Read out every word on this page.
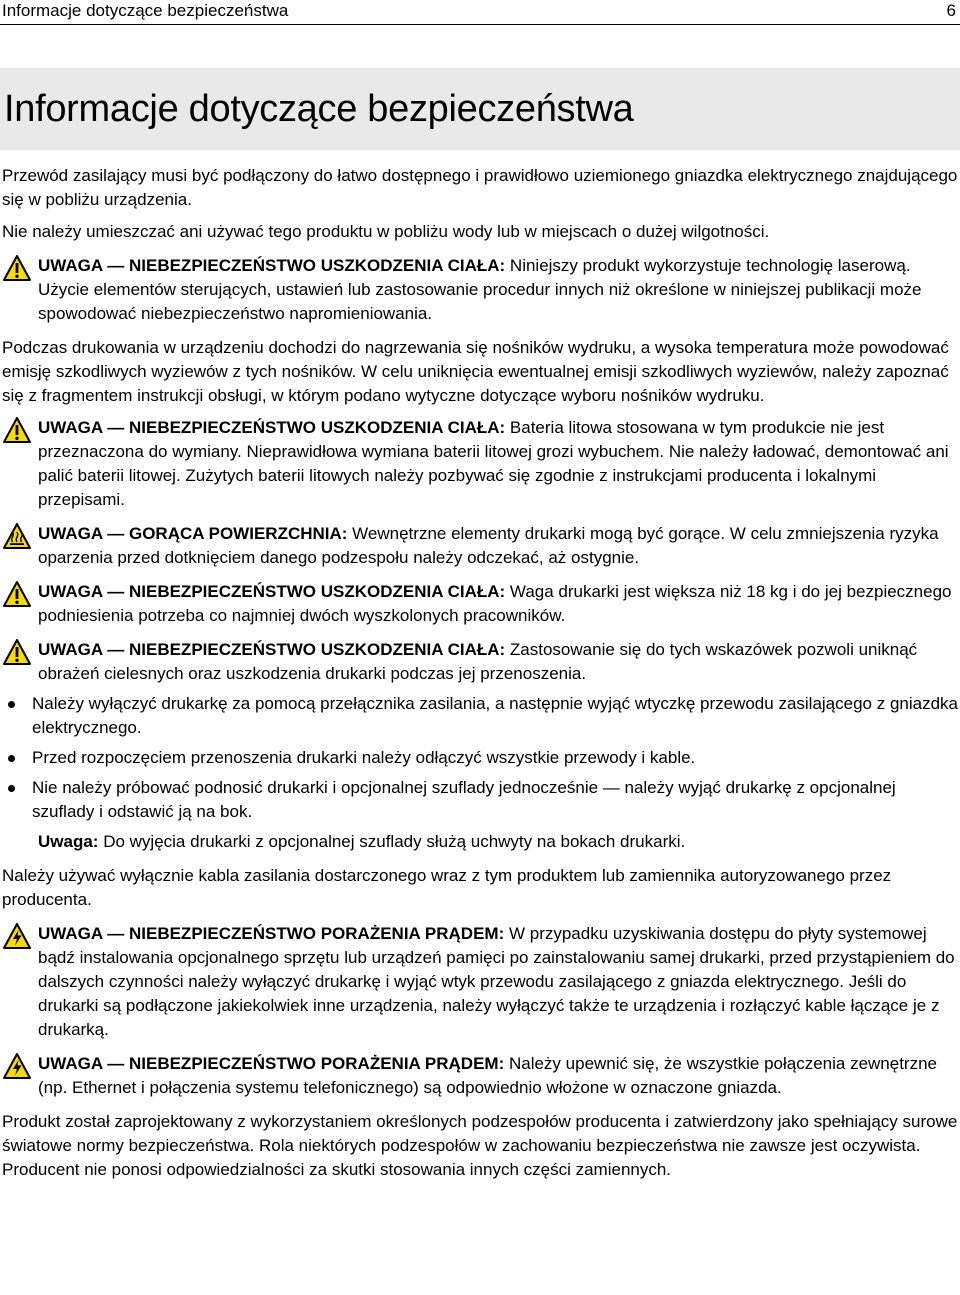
Informacje dotyczące bezpieczeństwa	6
Informacje dotyczące bezpieczeństwa

Przewód zasilający musi być podłączony do łatwo dostępnego i prawidłowo uziemionego gniazdka elektrycznego znajdującego się w pobliżu urządzenia.

Nie należy umieszczać ani używać tego produktu w pobliżu wody lub w miejscach o dużej wilgotności.

UWAGA — NIEBEZPIECZEŃSTWO USZKODZENIA CIAŁA: Niniejszy produkt wykorzystuje technologię laserową. Użycie elementów sterujących, ustawień lub zastosowanie procedur innych niż określone w niniejszej publikacji może spowodować niebezpieczeństwo napromieniowania.

Podczas drukowania w urządzeniu dochodzi do nagrzewania się nośników wydruku, a wysoka temperatura może powodować emisję szkodliwych wyziewów z tych nośników. W celu uniknięcia ewentualnej emisji szkodliwych wyziewów, należy zapoznać się z fragmentem instrukcji obsługi, w którym podano wytyczne dotyczące wyboru nośników wydruku.

UWAGA — NIEBEZPIECZEŃSTWO USZKODZENIA CIAŁA: Bateria litowa stosowana w tym produkcie nie jest przeznaczona do wymiany. Nieprawidłowa wymiana baterii litowej grozi wybuchem. Nie należy ładować, demontować ani palić baterii litowej. Zużytych baterii litowych należy pozbywać się zgodnie z instrukcjami producenta i lokalnymi przepisami.

UWAGA — GORĄCA POWIERZCHNIA: Wewnętrzne elementy drukarki mogą być gorące. W celu zmniejszenia ryzyka oparzenia przed dotknięciem danego podzespołu należy odczekać, aż ostygnie.

UWAGA — NIEBEZPIECZEŃSTWO USZKODZENIA CIAŁA: Waga drukarki jest większa niż 18 kg i do jej bezpiecznego podniesienia potrzeba co najmniej dwóch wyszkolonych pracowników.

UWAGA — NIEBEZPIECZEŃSTWO USZKODZENIA CIAŁA: Zastosowanie się do tych wskazówek pozwoli uniknąć obrażeń cielesnych oraz uszkodzenia drukarki podczas jej przenoszenia.

Należy wyłączyć drukarkę za pomocą przełącznika zasilania, a następnie wyjąć wtyczkę przewodu zasilającego z gniazdka elektrycznego.
Przed rozpoczęciem przenoszenia drukarki należy odłączyć wszystkie przewody i kable.
Nie należy próbować podnosić drukarki i opcjonalnej szuflady jednocześnie — należy wyjąć drukarkę z opcjonalnej szuflady i odstawić ją na bok.

Uwaga: Do wyjęcia drukarki z opcjonalnej szuflady służą uchwyty na bokach drukarki.

Należy używać wyłącznie kabla zasilania dostarczonego wraz z tym produktem lub zamiennika autoryzowanego przez producenta.

UWAGA — NIEBEZPIECZEŃSTWO PORAŻENIA PRĄDEM: W przypadku uzyskiwania dostępu do płyty systemowej bądź instalowania opcjonalnego sprzętu lub urządzeń pamięci po zainstalowaniu samej drukarki, przed przystąpieniem do dalszych czynności należy wyłączyć drukarkę i wyjąć wtyk przewodu zasilającego z gniazda elektrycznego. Jeśli do drukarki są podłączone jakiekolwiek inne urządzenia, należy wyłączyć także te urządzenia i rozłączyć kable łączące je z drukarką.

UWAGA — NIEBEZPIECZEŃSTWO PORAŻENIA PRĄDEM: Należy upewnić się, że wszystkie połączenia zewnętrzne (np. Ethernet i połączenia systemu telefonicznego) są odpowiednio włożone w oznaczone gniazda.

Produkt został zaprojektowany z wykorzystaniem określonych podzespołów producenta i zatwierdzony jako spełniający surowe światowe normy bezpieczeństwa. Rola niektórych podzespołów w zachowaniu bezpieczeństwa nie zawsze jest oczywista. Producent nie ponosi odpowiedzialności za skutki stosowania innych części zamiennych.
